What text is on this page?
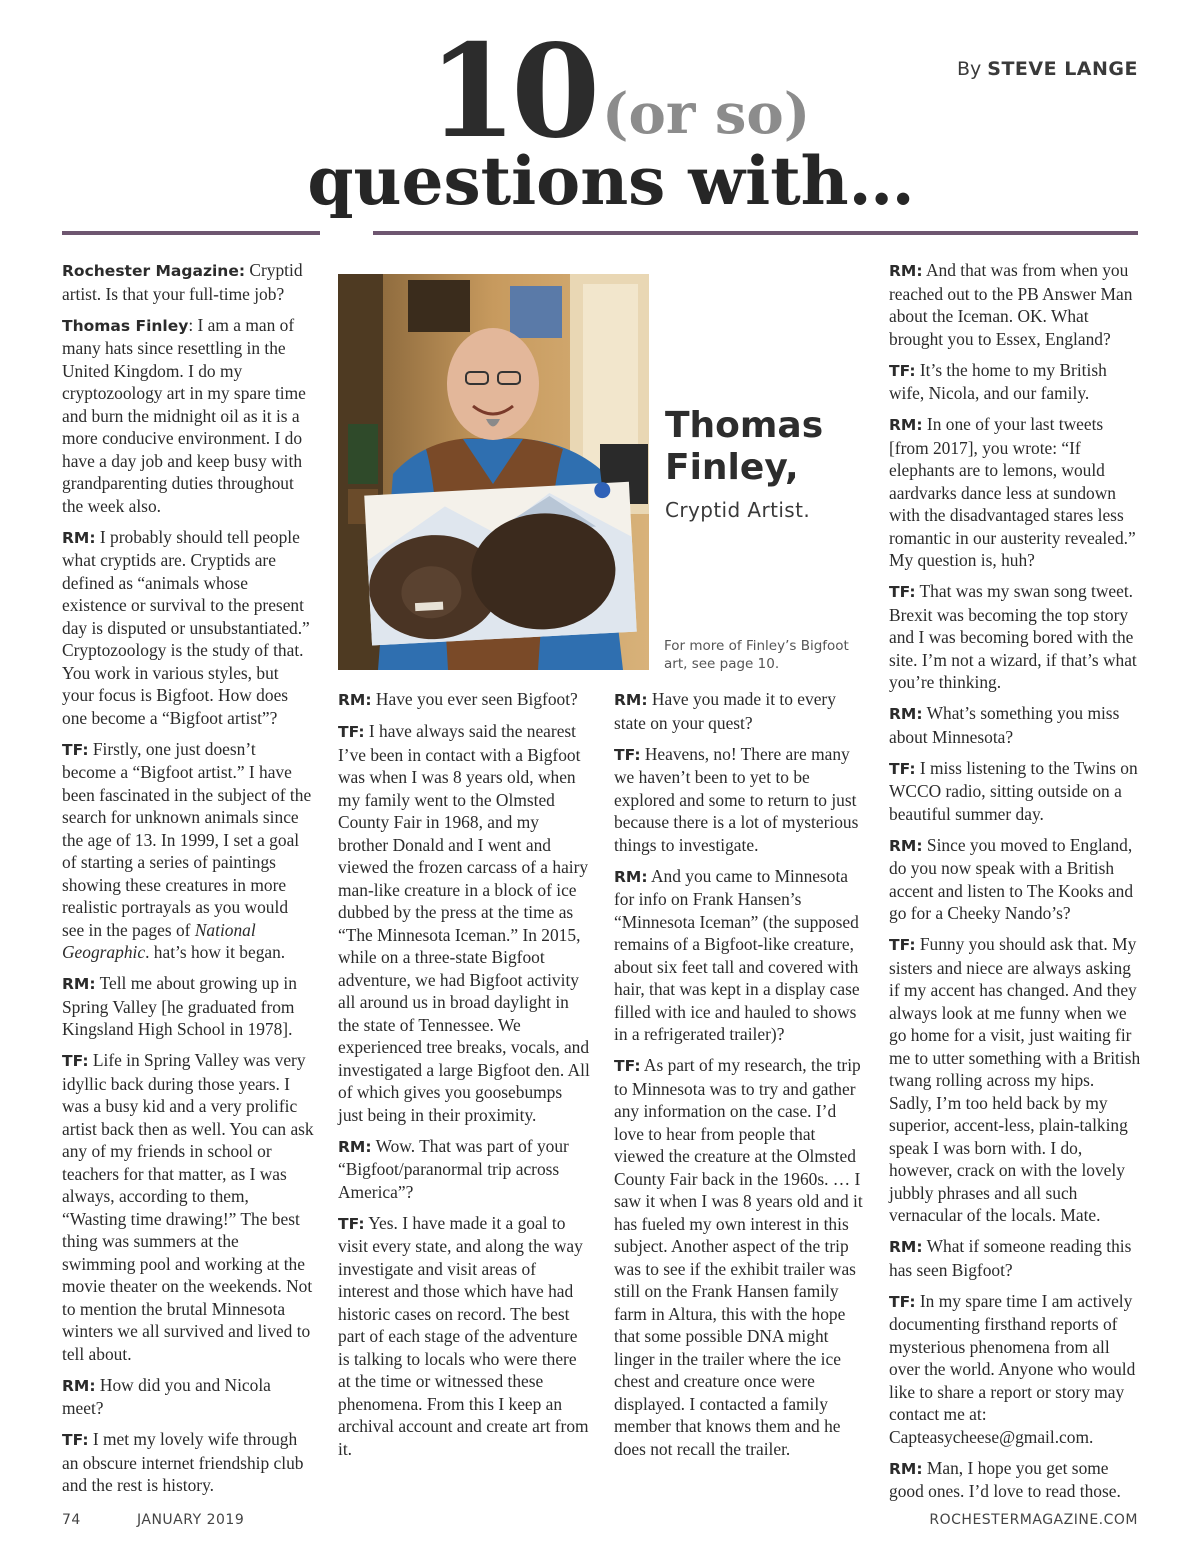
10 (or so)
questions with…
By STEVE LANGE

Rochester Magazine: Cryptid artist. Is that your full-time job?

Thomas Finley: I am a man of many hats since resettling in the United Kingdom. I do my cryptozoology art in my spare time and burn the midnight oil as it is a more conducive environment. I do have a day job and keep busy with grandparenting duties throughout the week also.

RM: I probably should tell people what cryptids are. Cryptids are defined as “animals whose existence or survival to the present day is disputed or unsubstantiated.” Cryptozoology is the study of that. You work in various styles, but your focus is Bigfoot. How does one become a “Bigfoot artist”?

TF: Firstly, one just doesn’t become a “Bigfoot artist.” I have been fascinated in the subject of the search for unknown animals since the age of 13. In 1999, I set a goal of starting a series of paintings showing these creatures in more realistic portrayals as you would see in the pages of National Geographic. hat’s how it began.

RM: Tell me about growing up in Spring Valley [he graduated from Kingsland High School in 1978].

TF: Life in Spring Valley was very idyllic back during those years. I was a busy kid and a very prolific artist back then as well. You can ask any of my friends in school or teachers for that matter, as I was always, according to them, “Wasting time drawing!” The best thing was summers at the swimming pool and working at the movie theater on the weekends. Not to mention the brutal Minnesota winters we all survived and lived to tell about.

RM: How did you and Nicola meet?

TF: I met my lovely wife through an obscure internet friendship club and the rest is history.

Thomas Finley,
Cryptid Artist.
For more of Finley’s Bigfoot art, see page 10.

RM: Have you ever seen Bigfoot?

TF: I have always said the nearest I’ve been in contact with a Bigfoot was when I was 8 years old, when my family went to the Olmsted County Fair in 1968, and my brother Donald and I went and viewed the frozen carcass of a hairy man-like creature in a block of ice dubbed by the press at the time as “The Minnesota Iceman.” In 2015, while on a three-state Bigfoot adventure, we had Bigfoot activity all around us in broad daylight in the state of Tennessee. We experienced tree breaks, vocals, and investigated a large Bigfoot den. All of which gives you goosebumps just being in their proximity.

RM: Wow. That was part of your “Bigfoot/paranormal trip across America”?

TF: Yes. I have made it a goal to visit every state, and along the way investigate and visit areas of interest and those which have had historic cases on record. The best part of each stage of the adventure is talking to locals who were there at the time or witnessed these phenomena. From this I keep an archival account and create art from it.

RM: Have you made it to every state on your quest?

TF: Heavens, no! There are many we haven’t been to yet to be explored and some to return to just because there is a lot of mysterious things to investigate.

RM: And you came to Minnesota for info on Frank Hansen’s “Minnesota Iceman” (the supposed remains of a Bigfoot-like creature, about six feet tall and covered with hair, that was kept in a display case filled with ice and hauled to shows in a refrigerated trailer)?

TF: As part of my research, the trip to Minnesota was to try and gather any information on the case. I’d love to hear from people that viewed the creature at the Olmsted County Fair back in the 1960s. … I saw it when I was 8 years old and it has fueled my own interest in this subject. Another aspect of the trip was to see if the exhibit trailer was still on the Frank Hansen family farm in Altura, this with the hope that some possible DNA might linger in the trailer where the ice chest and creature once were displayed. I contacted a family member that knows them and he does not recall the trailer.

RM: And that was from when you reached out to the PB Answer Man about the Iceman. OK. What brought you to Essex, England?

TF: It’s the home to my British wife, Nicola, and our family.

RM: In one of your last tweets [from 2017], you wrote: “If elephants are to lemons, would aardvarks dance less at sundown with the disadvantaged stares less romantic in our austerity revealed.” My question is, huh?

TF: That was my swan song tweet. Brexit was becoming the top story and I was becoming bored with the site. I’m not a wizard, if that’s what you’re thinking.

RM: What’s something you miss about Minnesota?

TF: I miss listening to the Twins on WCCO radio, sitting outside on a beautiful summer day.

RM: Since you moved to England, do you now speak with a British accent and listen to The Kooks and go for a Cheeky Nando’s?

TF: Funny you should ask that. My sisters and niece are always asking if my accent has changed. And they always look at me funny when we go home for a visit, just waiting fir me to utter something with a British twang rolling across my hips. Sadly, I’m too held back by my superior, accent-less, plain-talking speak I was born with. I do, however, crack on with the lovely jubbly phrases and all such vernacular of the locals. Mate.

RM: What if someone reading this has seen Bigfoot?

TF: In my spare time I am actively documenting firsthand reports of mysterious phenomena from all over the world. Anyone who would like to share a report or story may contact me at: Capteasycheese@gmail.com.

RM: Man, I hope you get some good ones. I’d love to read those.

74	JANUARY 2019	ROCHESTERMAGAZINE.COM
